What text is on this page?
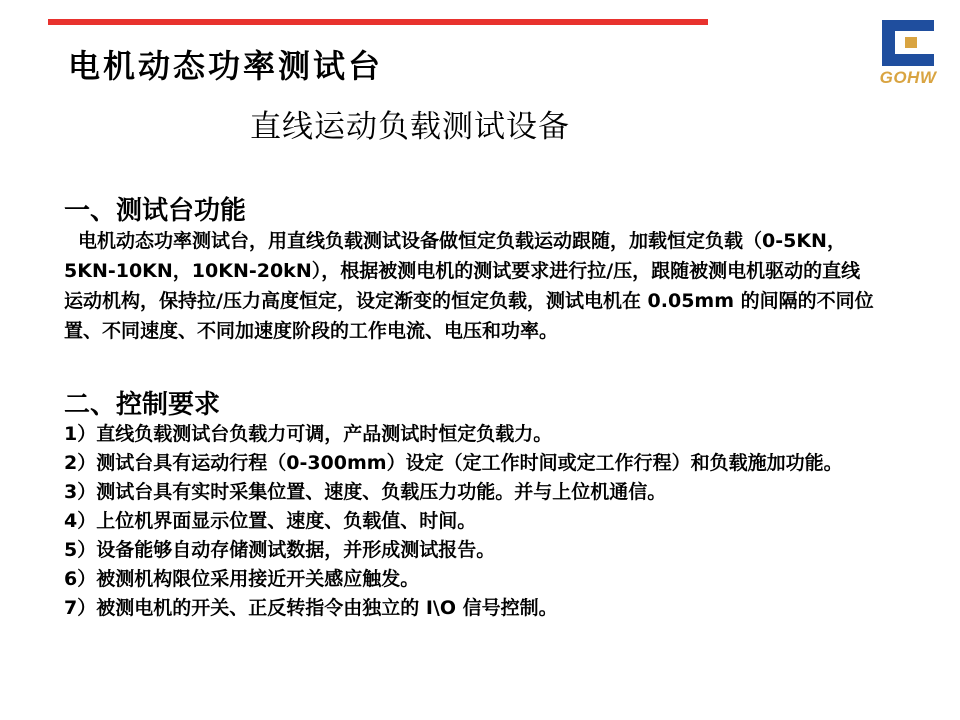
GOHW
电机动态功率测试台
直线运动负载测试设备
一、测试台功能

电机动态功率测试台，用直线负载测试设备做恒定负载运动跟随，加载恒定负载（0-5KN，5KN-10KN，10KN-20kN），根据被测电机的测试要求进行拉/压，跟随被测电机驱动的直线运动机构，保持拉/压力高度恒定，设定渐变的恒定负载，测试电机在 0.05mm 的间隔的不同位置、不同速度、不同加速度阶段的工作电流、电压和功率。

二、控制要求
1）直线负载测试台负载力可调，产品测试时恒定负载力。
2）测试台具有运动行程（0-300mm）设定（定工作时间或定工作行程）和负载施加功能。
3）测试台具有实时采集位置、速度、负载压力功能。并与上位机通信。
4）上位机界面显示位置、速度、负载值、时间。
5）设备能够自动存储测试数据，并形成测试报告。
6）被测机构限位采用接近开关感应触发。
7）被测电机的开关、正反转指令由独立的 I\O 信号控制。
